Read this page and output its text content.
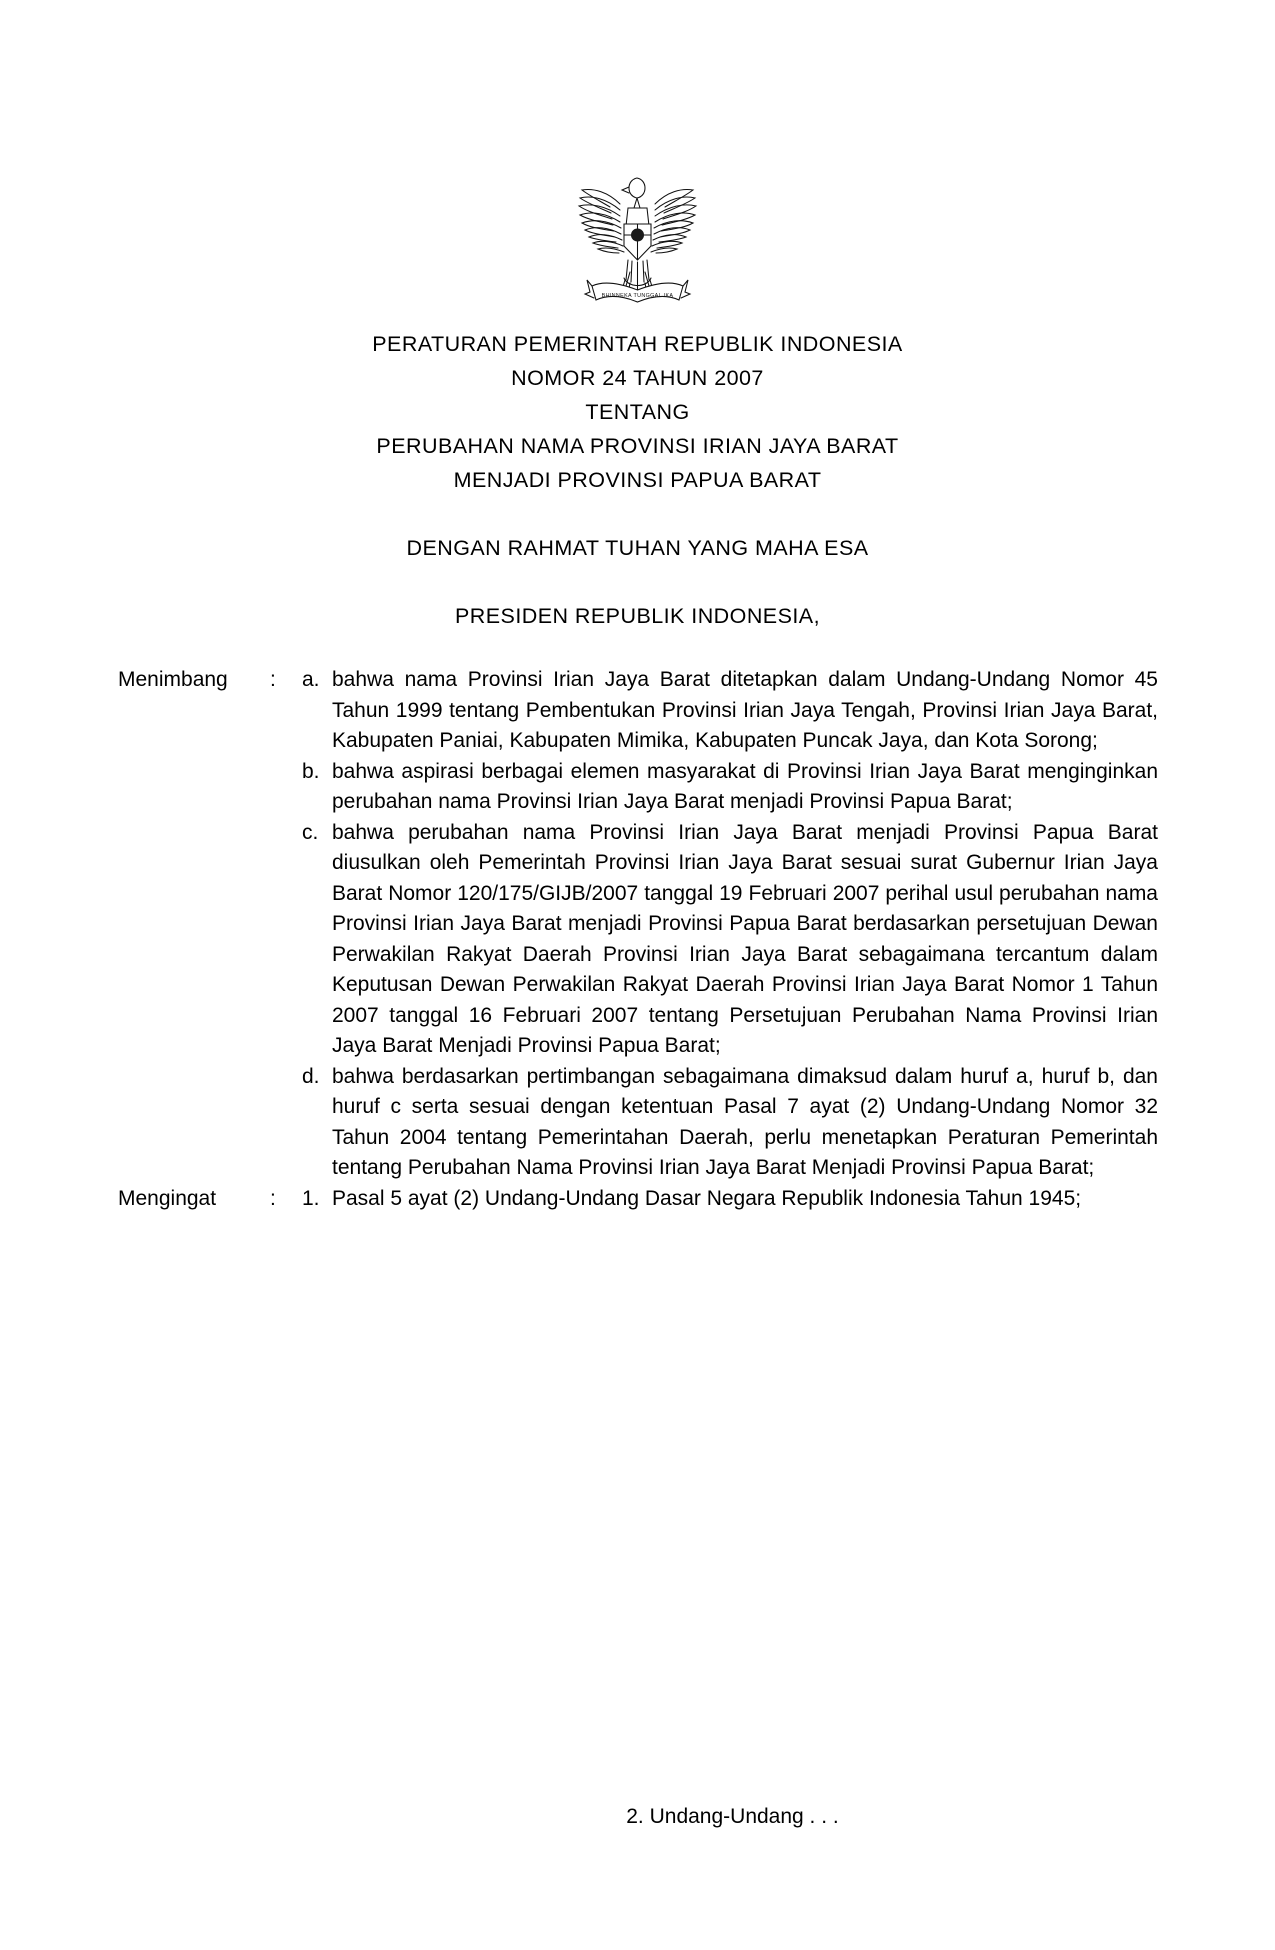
BHINNEKA TUNGGAL IKA
PERATURAN PEMERINTAH REPUBLIK INDONESIA
NOMOR 24 TAHUN 2007
TENTANG
PERUBAHAN NAMA PROVINSI IRIAN JAYA BARAT
MENJADI PROVINSI PAPUA BARAT
DENGAN RAHMAT TUHAN YANG MAHA ESA
PRESIDEN REPUBLIK INDONESIA,
Menimbang	:	a. bahwa nama Provinsi Irian Jaya Barat ditetapkan dalam Undang-Undang Nomor 45 Tahun 1999 tentang Pembentukan Provinsi Irian Jaya Tengah, Provinsi Irian Jaya Barat, Kabupaten Paniai, Kabupaten Mimika, Kabupaten Puncak Jaya, dan Kota Sorong;
b. bahwa aspirasi berbagai elemen masyarakat di Provinsi Irian Jaya Barat menginginkan perubahan nama Provinsi Irian Jaya Barat menjadi Provinsi Papua Barat;
c. bahwa perubahan nama Provinsi Irian Jaya Barat menjadi Provinsi Papua Barat diusulkan oleh Pemerintah Provinsi Irian Jaya Barat sesuai surat Gubernur Irian Jaya Barat Nomor 120/175/GIJB/2007 tanggal 19 Februari 2007 perihal usul perubahan nama Provinsi Irian Jaya Barat menjadi Provinsi Papua Barat berdasarkan persetujuan Dewan Perwakilan Rakyat Daerah Provinsi Irian Jaya Barat sebagaimana tercantum dalam Keputusan Dewan Perwakilan Rakyat Daerah Provinsi Irian Jaya Barat Nomor 1 Tahun 2007 tanggal 16 Februari 2007 tentang Persetujuan Perubahan Nama Provinsi Irian Jaya Barat Menjadi Provinsi Papua Barat;
d. bahwa berdasarkan pertimbangan sebagaimana dimaksud dalam huruf a, huruf b, dan huruf c serta sesuai dengan ketentuan Pasal 7 ayat (2) Undang-Undang Nomor 32 Tahun 2004 tentang Pemerintahan Daerah, perlu menetapkan Peraturan Pemerintah tentang Perubahan Nama Provinsi Irian Jaya Barat Menjadi Provinsi Papua Barat;
Mengingat	:	1. Pasal 5 ayat (2) Undang-Undang Dasar Negara Republik Indonesia Tahun 1945;
2. Undang-Undang . . .
